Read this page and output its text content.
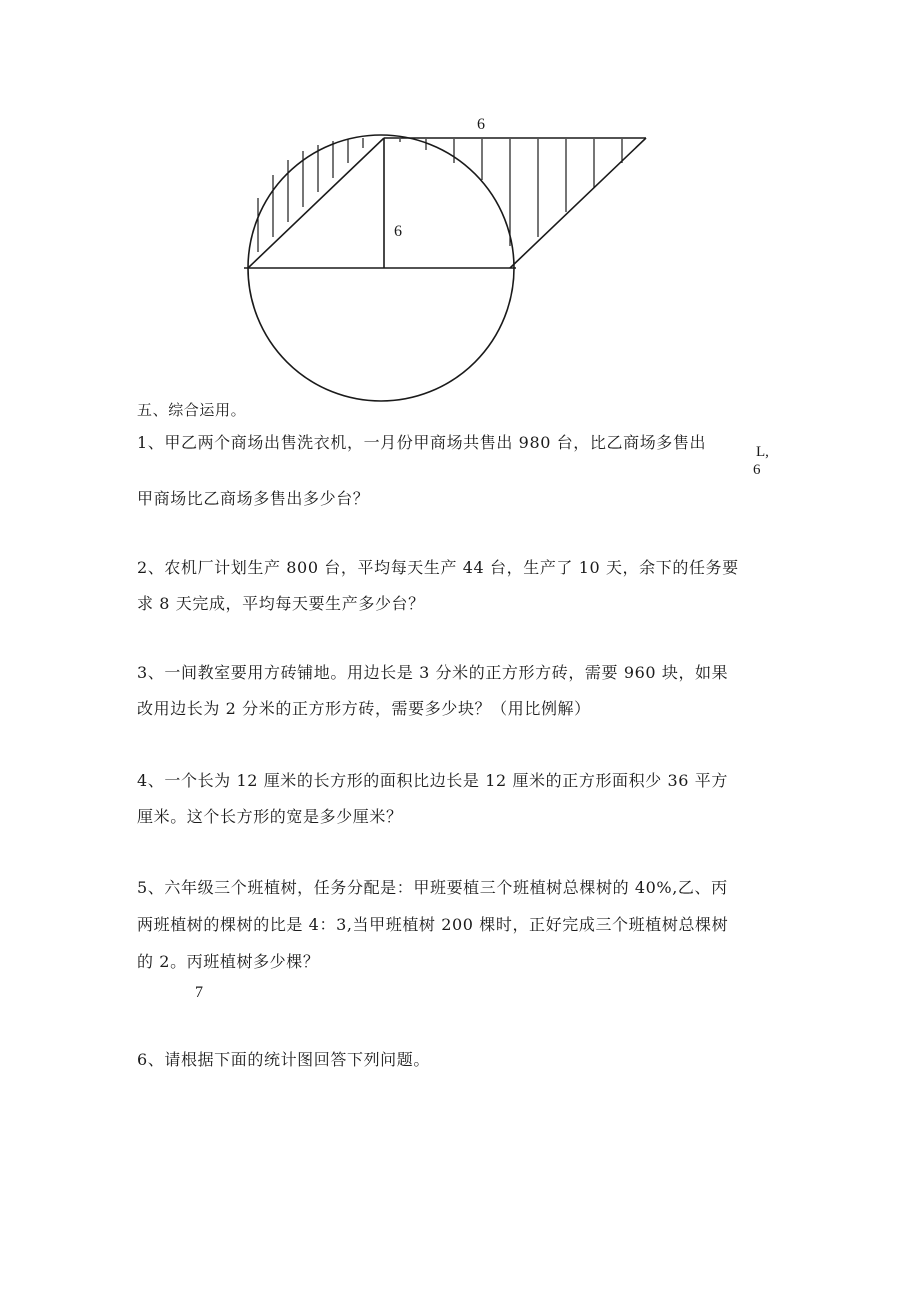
6
6
五、综合运用。
1、甲乙两个商场出售洗衣机，一月份甲商场共售出 980 台，比乙商场多售出	L,
6
甲商场比乙商场多售出多少台？
2、农机厂计划生产 800 台，平均每天生产 44 台，生产了 10 天，余下的任务要
求 8 天完成，平均每天要生产多少台？
3、一间教室要用方砖铺地。用边长是 3 分米的正方形方砖，需要 960 块，如果
改用边长为 2 分米的正方形方砖，需要多少块？（用比例解）
4、一个长为 12 厘米的长方形的面积比边长是 12 厘米的正方形面积少 36 平方
厘米。这个长方形的宽是多少厘米？
5、六年级三个班植树，任务分配是：甲班要植三个班植树总棵树的 40%,乙、丙
两班植树的棵树的比是 4：3,当甲班植树 200 棵时，正好完成三个班植树总棵树
的 2。丙班植树多少棵？
7
6、请根据下面的统计图回答下列问题。
